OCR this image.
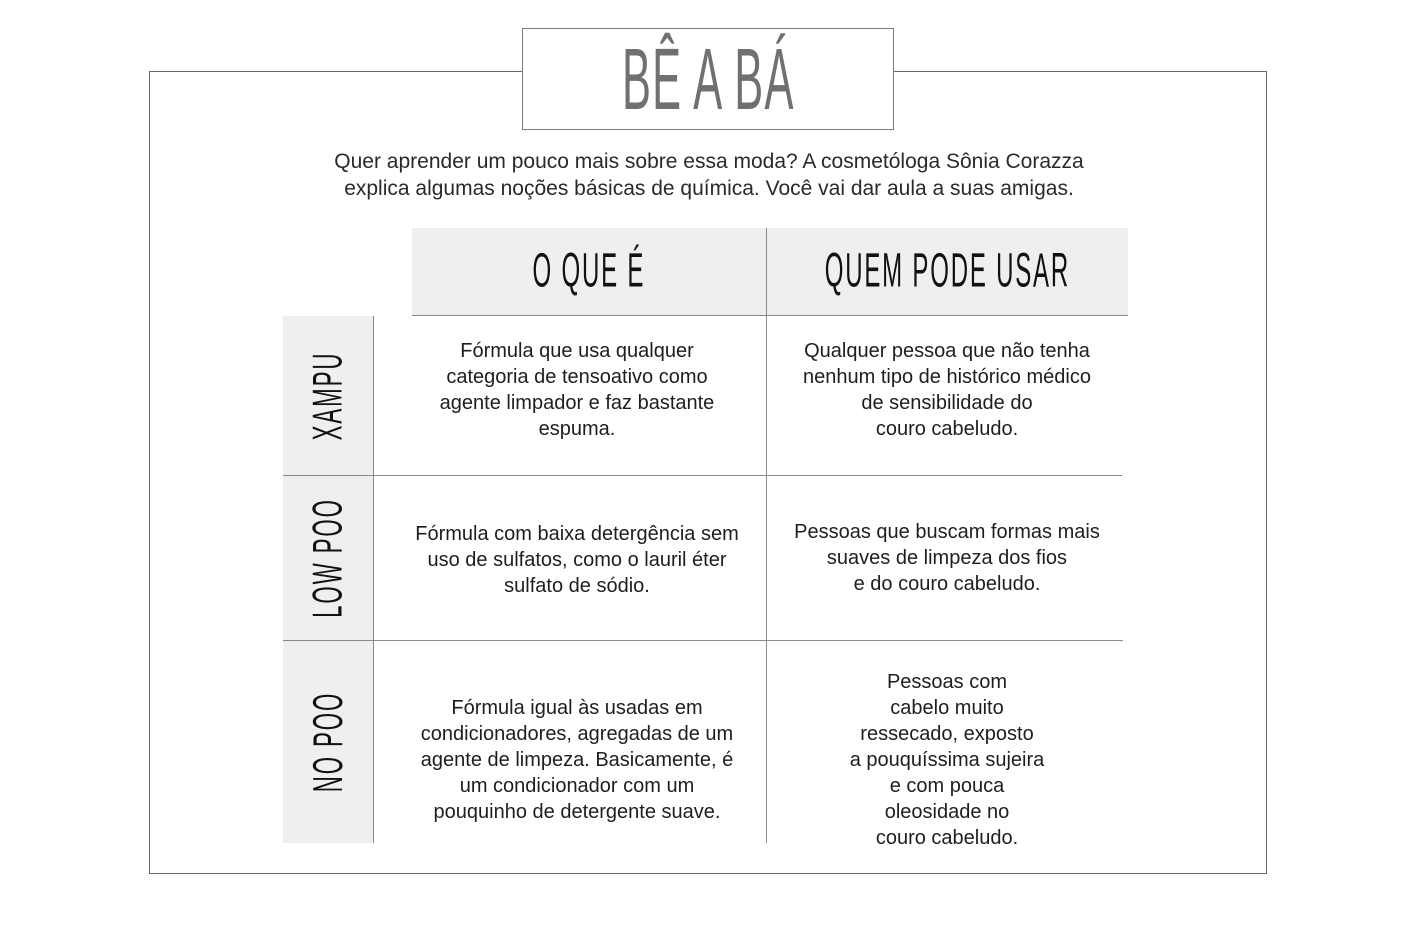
BÊ A BÁ

Quer aprender um pouco mais sobre essa moda? A cosmetóloga Sônia Corazza

explica algumas noções básicas de química. Você vai dar aula a suas amigas.

O QUE É	QUEM PODE USAR
XAMPU
LOW POO
NO POO
Fórmula que usa qualquer
categoria de tensoativo como
agente limpador e faz bastante
espuma.
Qualquer pessoa que não tenha
nenhum tipo de histórico médico
de sensibilidade do
couro cabeludo.
Fórmula com baixa detergência sem
uso de sulfatos, como o lauril éter
sulfato de sódio.
Pessoas que buscam formas mais
suaves de limpeza dos fios
e do couro cabeludo.
Fórmula igual às usadas em
condicionadores, agregadas de um
agente de limpeza. Basicamente, é
um condicionador com um
pouquinho de detergente suave.
Pessoas com
cabelo muito
ressecado, exposto
a pouquíssima sujeira
e com pouca
oleosidade no
couro cabeludo.
